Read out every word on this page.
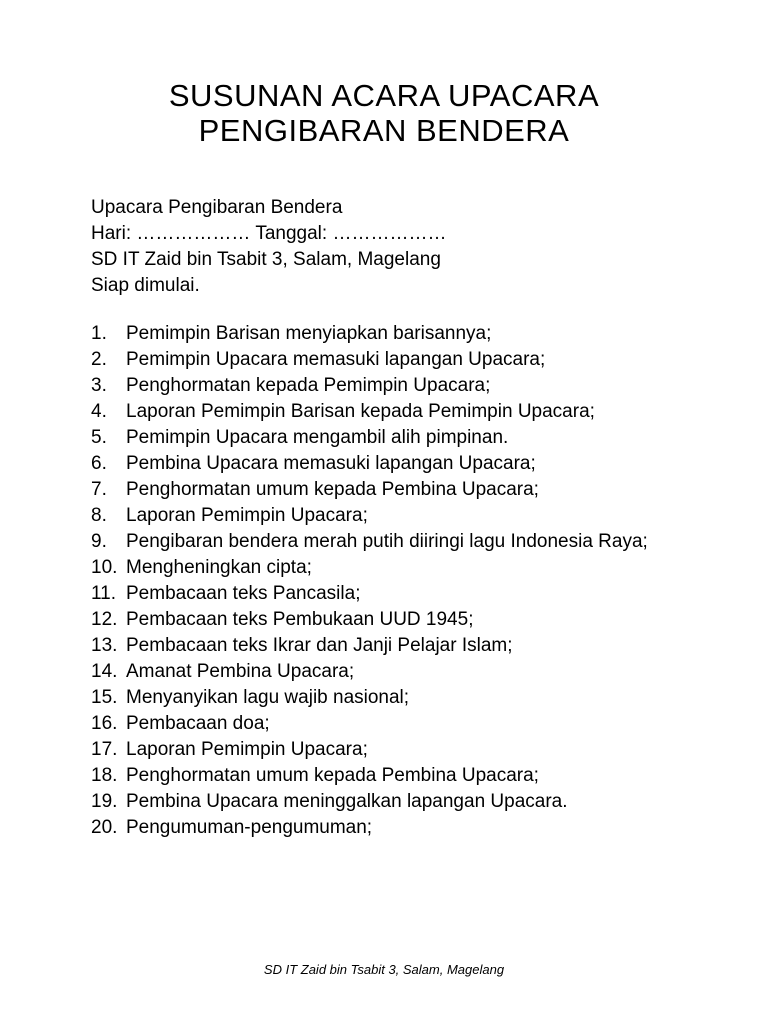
SUSUNAN ACARA UPACARA
PENGIBARAN BENDERA
Upacara Pengibaran Bendera
Hari: ……………… Tanggal: ………………
SD IT Zaid bin Tsabit 3, Salam, Magelang
Siap dimulai.
1.	Pemimpin Barisan menyiapkan barisannya;
2.	Pemimpin Upacara memasuki lapangan Upacara;
3.	Penghormatan kepada Pemimpin Upacara;
4.	Laporan Pemimpin Barisan kepada Pemimpin Upacara;
5.	Pemimpin Upacara mengambil alih pimpinan.
6.	Pembina Upacara memasuki lapangan Upacara;
7.	Penghormatan umum kepada Pembina Upacara;
8.	Laporan Pemimpin Upacara;
9.	Pengibaran bendera merah putih diiringi lagu Indonesia Raya;
10. Mengheningkan cipta;
11. Pembacaan teks Pancasila;
12. Pembacaan teks Pembukaan UUD 1945;
13. Pembacaan teks Ikrar dan Janji Pelajar Islam;
14. Amanat Pembina Upacara;
15. Menyanyikan lagu wajib nasional;
16. Pembacaan doa;
17. Laporan Pemimpin Upacara;
18. Penghormatan umum kepada Pembina Upacara;
19. Pembina Upacara meninggalkan lapangan Upacara.
20. Pengumuman-pengumuman;
SD IT Zaid bin Tsabit 3, Salam, Magelang
